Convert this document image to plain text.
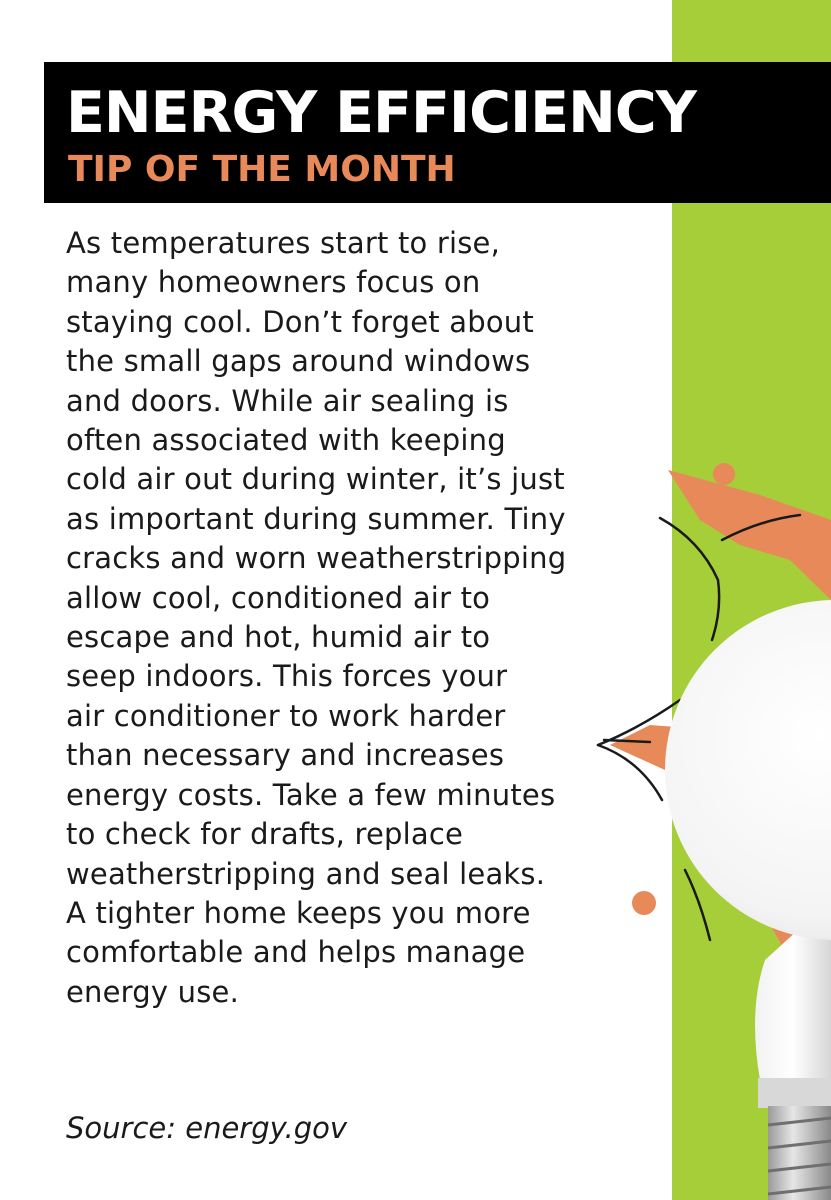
ENERGY EFFICIENCY
TIP OF THE MONTH
As temperatures start to rise,
many homeowners focus on
staying cool. Don’t forget about
the small gaps around windows
and doors. While air sealing is
often associated with keeping
cold air out during winter, it’s just
as important during summer. Tiny
cracks and worn weatherstripping
allow cool, conditioned air to
escape and hot, humid air to
seep indoors. This forces your
air conditioner to work harder
than necessary and increases
energy costs. Take a few minutes
to check for drafts, replace
weatherstripping and seal leaks.
A tighter home keeps you more
comfortable and helps manage
energy use.

Source: energy.gov
